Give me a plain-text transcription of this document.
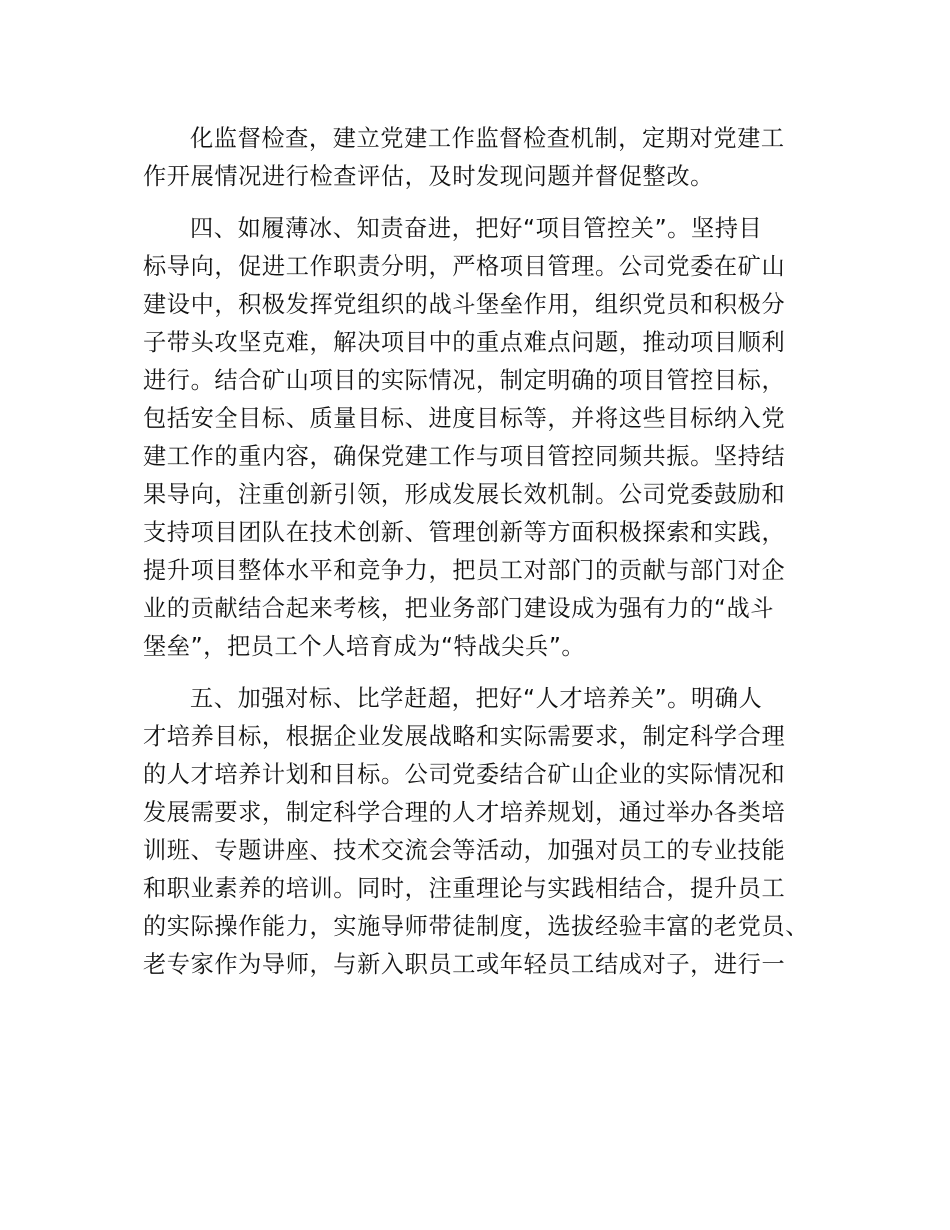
化监督检查，建立党建工作监督检查机制，定期对党建工
作开展情况进行检查评估，及时发现问题并督促整改。
四、如履薄冰、知责奋进，把好“项目管控关”。坚持目
标导向，促进工作职责分明，严格项目管理。公司党委在矿山
建设中，积极发挥党组织的战斗堡垒作用，组织党员和积极分
子带头攻坚克难，解决项目中的重点难点问题，推动项目顺利
进行。结合矿山项目的实际情况，制定明确的项目管控目标，
包括安全目标、质量目标、进度目标等，并将这些目标纳入党
建工作的重内容，确保党建工作与项目管控同频共振。坚持结
果导向，注重创新引领，形成发展长效机制。公司党委鼓励和
支持项目团队在技术创新、管理创新等方面积极探索和实践，
提升项目整体水平和竞争力，把员工对部门的贡献与部门对企
业的贡献结合起来考核，把业务部门建设成为强有力的“战斗
堡垒”，把员工个人培育成为“特战尖兵”。
五、加强对标、比学赶超，把好“人才培养关”。明确人
才培养目标，根据企业发展战略和实际需要求，制定科学合理
的人才培养计划和目标。公司党委结合矿山企业的实际情况和
发展需要求，制定科学合理的人才培养规划，通过举办各类培
训班、专题讲座、技术交流会等活动，加强对员工的专业技能
和职业素养的培训。同时，注重理论与实践相结合，提升员工
的实际操作能力，实施导师带徒制度，选拔经验丰富的老党员、
老专家作为导师，与新入职员工或年轻员工结成对子，进行一
